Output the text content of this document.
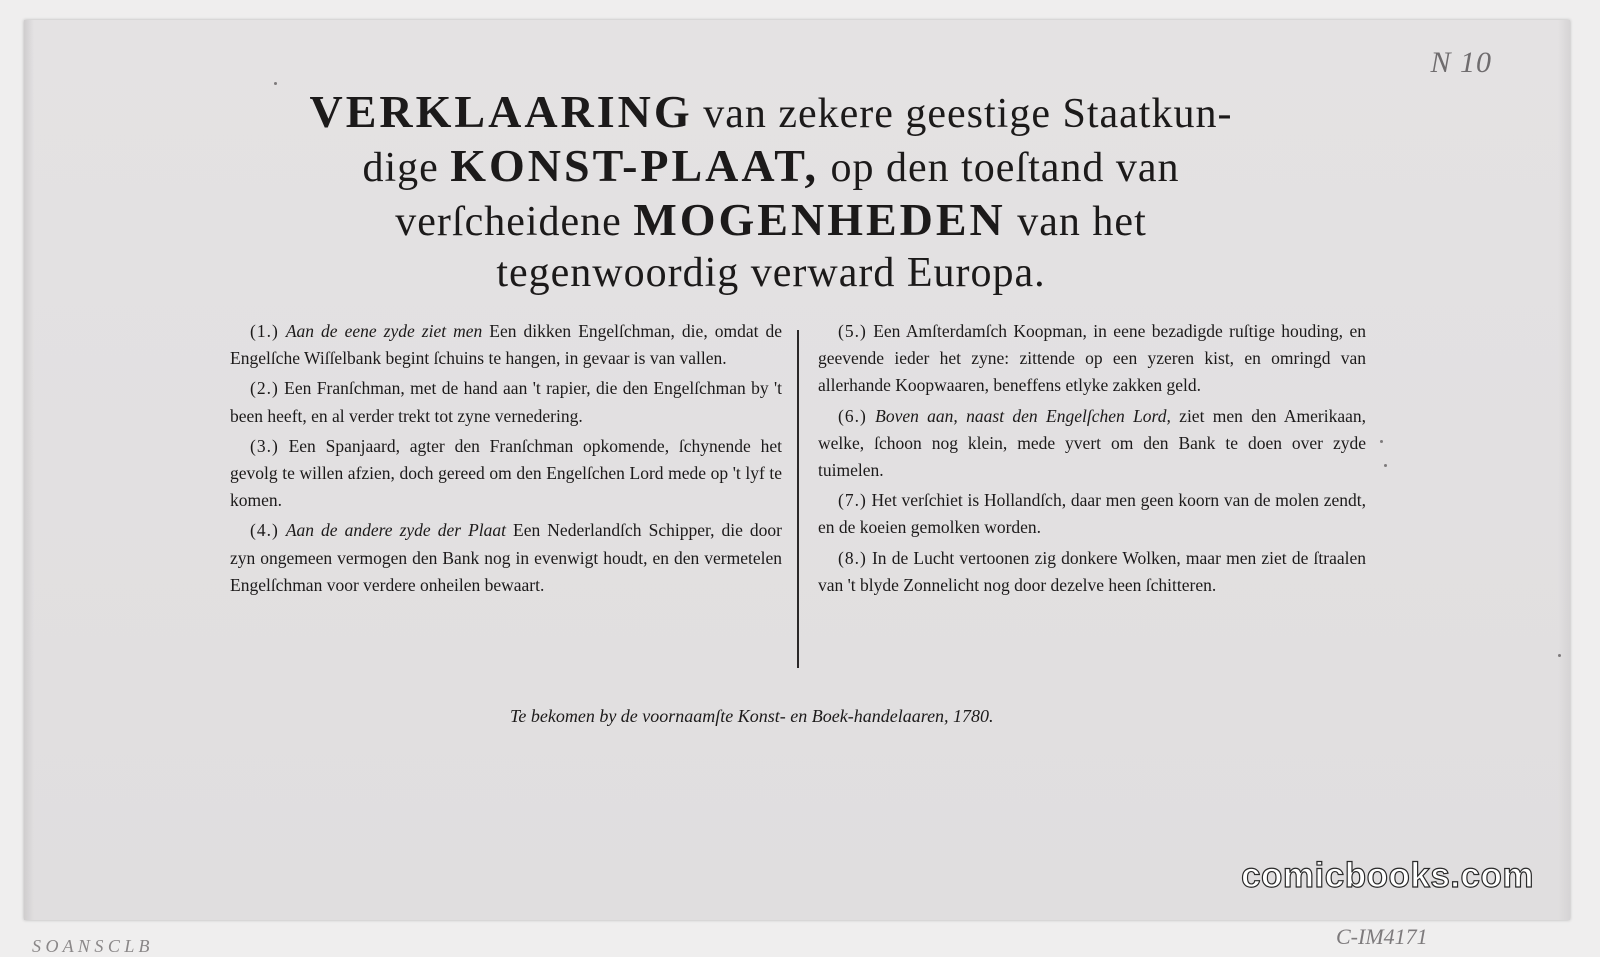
N 10
VERKLAARING van zekere geestige Staatkun-
dige KONST-PLAAT, op den toeſtand van
verſcheidene MOGENHEDEN van het
tegenwoordig verward Europa.

(1.) Aan de eene zyde ziet men Een dikken Engelſchman, die, omdat de Engelſche Wiſſelbank begint ſchuins te hangen, in gevaar is van vallen.

(2.) Een Franſchman, met de hand aan 't rapier, die den Engelſchman by 't been heeft, en al verder trekt tot zyne vernedering.

(3.) Een Spanjaard, agter den Franſchman opkomende, ſchynende het gevolg te willen afzien, doch gereed om den Engelſchen Lord mede op 't lyf te komen.

(4.) Aan de andere zyde der Plaat Een Nederlandſch Schipper, die door zyn ongemeen vermogen den Bank nog in evenwigt houdt, en den vermetelen Engelſchman voor verdere onheilen bewaart.

(5.) Een Amſterdamſch Koopman, in eene bezadigde ruſtige houding, en geevende ieder het zyne: zittende op een yzeren kist, en omringd van allerhande Koopwaaren, beneffens etlyke zakken geld.

(6.) Boven aan, naast den Engelſchen Lord, ziet men den Amerikaan, welke, ſchoon nog klein, mede yvert om den Bank te doen over zyde tuimelen.

(7.) Het verſchiet is Hollandſch, daar men geen koorn van de molen zendt, en de koeien gemolken worden.

(8.) In de Lucht vertoonen zig donkere Wolken, maar men ziet de ſtraalen van 't blyde Zonnelicht nog door dezelve heen ſchitteren.

Te bekomen by de voornaamſte Konst- en Boek-handelaaren, 1780.
comicbooks.com
S O A N S C L B	C-IM4171
